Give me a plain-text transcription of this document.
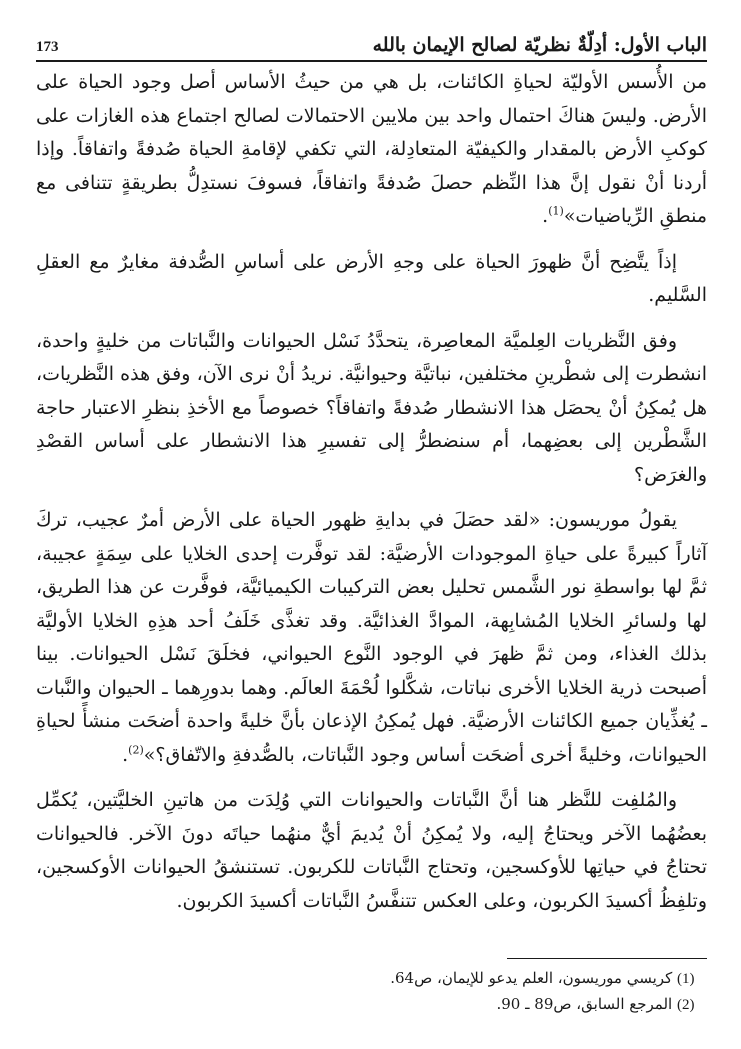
الباب الأول: أدِلّةٌ نظريّة لصالح الإيمان بالله
173

من الأُسس الأوليّة لحياةِ الكائنات، بل هي من حيثُ الأساس أصل وجود الحياة على الأرض. وليسَ هناكَ احتمال واحد بين ملايين الاحتمالات لصالح اجتماع هذه الغازات على كوكبِ الأرض بالمقدار والكيفيّة المتعادِلة، التي تكفي لإقامةِ الحياة صُدفةً واتفاقاً. وإذا أردنا أنْ نقول إنَّ هذا النِّظم حصلَ صُدفةً واتفاقاً، فسوفَ نستدِلُّ بطريقةٍ تتنافى مع منطقِ الرِّياضيات»$^{(1)}$.

إذاً يتَّضِح أنَّ ظهورَ الحياة على وجهِ الأرض على أساسِ الصُّدفة مغايرٌ مع العقلِ السَّليم.

وفق النَّظريات العِلميَّة المعاصِرة، يتحدَّدُ نَسْل الحيوانات والنَّباتات من خليةٍ واحدة، انشطرت إلى شطْرينِ مختلفين، نباتيَّة وحيوانيَّة. نريدُ أنْ نرى الآن، وفق هذه النَّظريات، هل يُمكِنُ أنْ يحصَل هذا الانشطار صُدفةً واتفاقاً؟ خصوصاً مع الأخذِ بنظرِ الاعتبار حاجة الشَّطْرين إلى بعضِهما، أم سنضطرُّ إلى تفسيرِ هذا الانشطار على أساس القصْدِ والغرَض؟

يقولُ موريسون: «لقد حصَلَ في بدايةِ ظهور الحياة على الأرض أمرٌ عجيب، تركَ آثاراً كبيرةً على حياةِ الموجودات الأرضيَّة: لقد توفَّرت إحدى الخلايا على سِمَةٍ عجيبة، ثمَّ لها بواسطةِ نور الشَّمس تحليل بعض التركيبات الكيميائيَّة، فوفَّرت عن هذا الطريق، لها ولسائرِ الخلايا المُشابِهة، الموادَّ الغذائيَّة. وقد تغذَّى خَلَفُ أحد هذِهِ الخلايا الأوليَّة بذلك الغذاء، ومن ثمَّ ظهرَ في الوجود النَّوع الحيواني، فخلَقَ نَسْل الحيوانات. بينا أصبحت ذرية الخلايا الأخرى نباتات، شكَّلوا لُحْمَةَ العالَم. وهما بدورِهما ـ الحيوان والنَّبات ـ يُغذِّيان جميع الكائنات الأرضيَّة. فهل يُمكِنُ الإذعان بأنَّ خليةً واحدة أضحَت منشأً لحياةِ الحيوانات، وخليةً أخرى أضحَت أساس وجود النَّباتات، بالصُّدفةِ والاتّفاق؟»$^{(2)}$.

والمُلفِت للنَّظر هنا أنَّ النَّباتات والحيوانات التي وُلِدَت من هاتينِ الخليَّتين، يُكمِّل بعضُهُما الآخر ويحتاجُ إليه، ولا يُمكِنُ أنْ يُديمَ أيٌّ منهُما حياتَه دونَ الآخر. فالحيوانات تحتاجُ في حياتِها للأوكسجين، وتحتاج النَّباتات للكربون. تستنشقُ الحيوانات الأوكسجين، وتلفِظُ أكسيدَ الكربون، وعلى العكس تتنفَّسُ النَّباتات أكسيدَ الكربون.

(1) كريسي موريسون، العلم يدعو للإيمان، ص64.

(2) المرجع السابق، ص89 ـ 90.
